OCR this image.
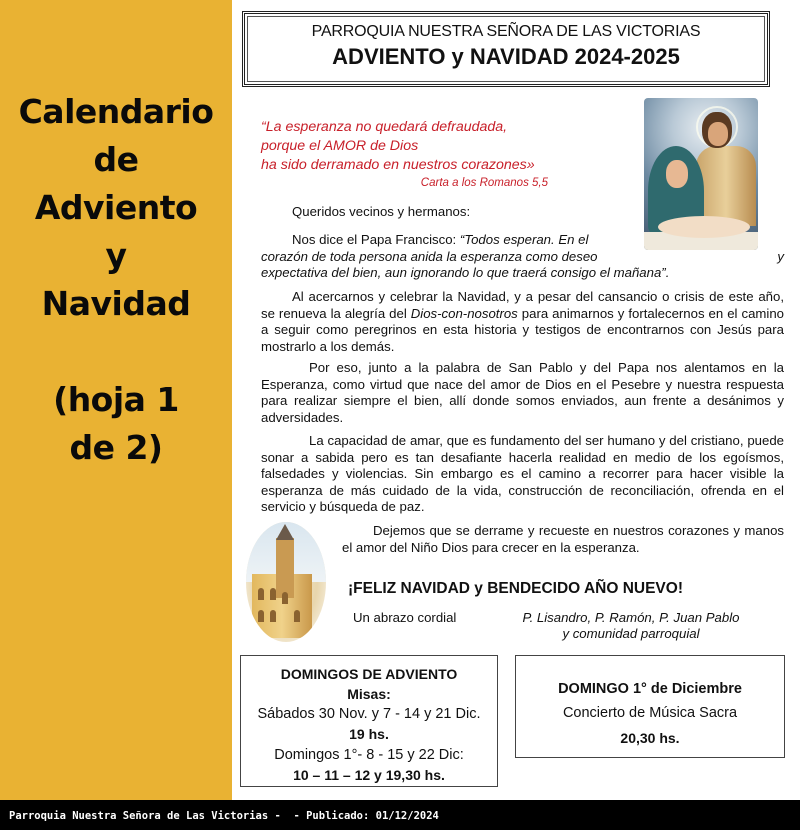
Calendario
de
Adviento
y
Navidad
(hoja 1
de 2)
PARROQUIA NUESTRA SEÑORA DE LAS VICTORIAS
ADVIENTO y NAVIDAD 2024-2025
“La esperanza no quedará defraudada,
porque el AMOR de Dios
ha sido derramado en nuestros corazones»
Carta a los Romanos 5,5
Queridos vecinos y hermanos:
Nos dice el Papa Francisco: “Todos esperan. En el
corazón de toda persona anida la esperanza como deseo	y
expectativa del bien, aun ignorando lo que traerá consigo el mañana”.
Al acercarnos y celebrar la Navidad, y a pesar del cansancio o crisis de este año, se renueva la alegría del Dios-con-nosotros para animarnos y fortalecernos en el camino a seguir como peregrinos en esta historia y testigos de encontrarnos con Jesús para mostrarlo a los demás.
Por eso, junto a la palabra de San Pablo y del Papa nos alentamos en la Esperanza, como virtud que nace del amor de Dios en el Pesebre y nuestra respuesta para realizar siempre el bien, allí donde somos enviados, aun frente a desánimos y adversidades.
La capacidad de amar, que es fundamento del ser humano y del cristiano, puede sonar a sabida pero es tan desafiante hacerla realidad en medio de los egoísmos, falsedades y violencias. Sin embargo es el camino a recorrer para hacer visible la esperanza de más cuidado de la vida, construcción de reconciliación, ofrenda en el servicio y búsqueda de paz.
Dejemos que se derrame y recueste en nuestros corazones y manos el amor del Niño Dios para crecer en la esperanza.
¡FELIZ NAVIDAD y BENDECIDO AÑO NUEVO!
Un abrazo cordial	P. Lisandro, P. Ramón, P. Juan Pablo
y comunidad parroquial
DOMINGOS DE ADVIENTO
Misas:
Sábados 30 Nov. y 7 - 14 y 21 Dic.
19 hs.
Domingos 1°- 8 - 15 y 22 Dic:
10 – 11 – 12 y 19,30 hs.
DOMINGO 1° de Diciembre
Concierto de Música Sacra
20,30 hs.
Parroquia Nuestra Señora de Las Victorias -  - Publicado: 01/12/2024
